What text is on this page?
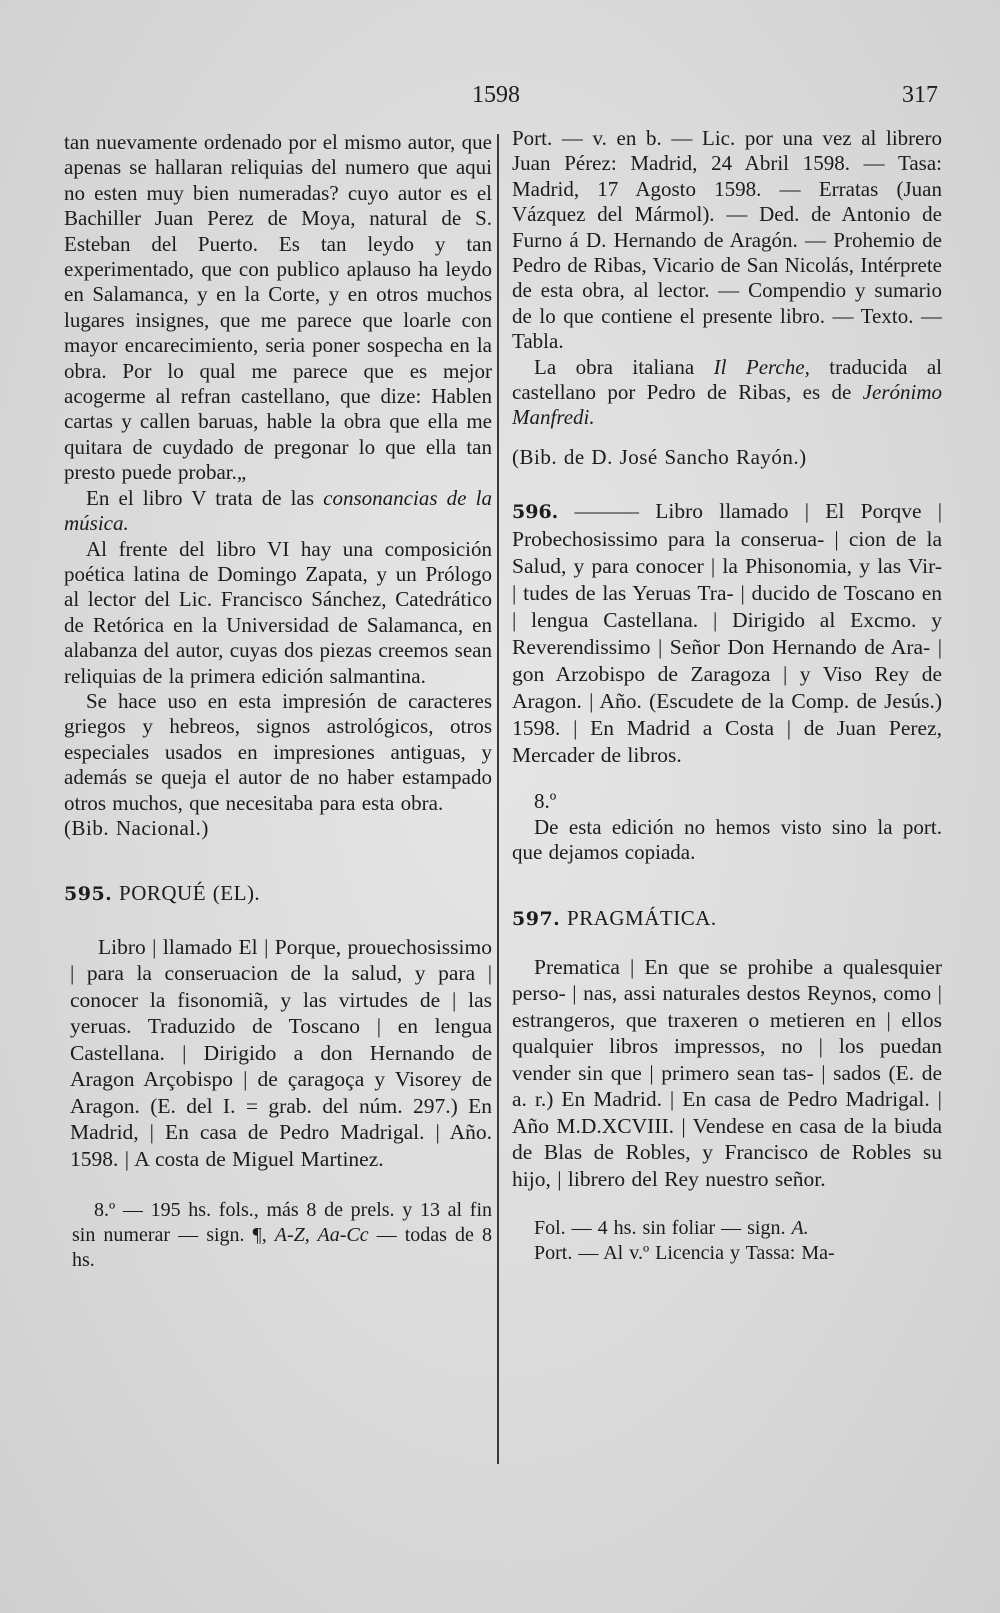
1598	317

tan nuevamente ordenado por el mismo autor, que apenas se hallaran reliquias del numero que aqui no esten muy bien numeradas? cuyo autor es el Bachiller Juan Perez de Moya, natural de S. Esteban del Puerto. Es tan leydo y tan experimentado, que con publico aplauso ha leydo en Salamanca, y en la Corte, y en otros muchos lugares insignes, que me parece que loarle con mayor encarecimiento, seria poner sospecha en la obra. Por lo qual me parece que es mejor acogerme al refran castellano, que dize: Hablen cartas y callen baruas, hable la obra que ella me quitara de cuydado de pregonar lo que ella tan presto puede probar.„

En el libro V trata de las consonancias de la música.

Al frente del libro VI hay una composición poética latina de Domingo Zapata, y un Prólogo al lector del Lic. Francisco Sánchez, Catedrático de Retórica en la Universidad de Salamanca, en alabanza del autor, cuyas dos piezas creemos sean reliquias de la primera edición salmantina.

Se hace uso en esta impresión de caracteres griegos y hebreos, signos astrológicos, otros especiales usados en impresiones antiguas, y además se queja el autor de no haber estampado otros muchos, que necesitaba para esta obra.

(Bib. Nacional.)

595. PORQUÉ (EL).

Libro | llamado El | Porque, prouechosissimo | para la conseruacion de la salud, y para | conocer la fisonomiã, y las virtudes de | las yeruas. Traduzido de Toscano | en lengua Castellana. | Dirigido a don Hernando de Aragon Arçobispo | de çaragoça y Visorey de Aragon. (E. del I. = grab. del núm. 297.) En Madrid, | En casa de Pedro Madrigal. | Año. 1598. | A costa de Miguel Martinez.

8.º — 195 hs. fols., más 8 de prels. y 13 al fin sin numerar — sign. ¶, A-Z, Aa-Cc — todas de 8 hs.

Port. — v. en b. — Lic. por una vez al librero Juan Pérez: Madrid, 24 Abril 1598. — Tasa: Madrid, 17 Agosto 1598. — Erratas (Juan Vázquez del Mármol). — Ded. de Antonio de Furno á D. Hernando de Aragón. — Prohemio de Pedro de Ribas, Vicario de San Nicolás, Intérprete de esta obra, al lector. — Compendio y sumario de lo que contiene el presente libro. — Texto. — Tabla.

La obra italiana Il Perche, traducida al castellano por Pedro de Ribas, es de Jerónimo Manfredi.

(Bib. de D. José Sancho Rayón.)

596. ——— Libro llamado | El Porqve | Probechosissimo para la conserua- | cion de la Salud, y para conocer | la Phisonomia, y las Vir- | tudes de las Yeruas Tra- | ducido de Toscano en | lengua Castellana. | Dirigido al Excmo. y Reverendissimo | Señor Don Hernando de Ara- | gon Arzobispo de Zaragoza | y Viso Rey de Aragon. | Año. (Escudete de la Comp. de Jesús.) 1598. | En Madrid a Costa | de Juan Perez, Mercader de libros.

8.º

De esta edición no hemos visto sino la port. que dejamos copiada.

597. PRAGMÁTICA.

Prematica | En que se prohibe a qualesquier perso- | nas, assi naturales destos Reynos, como | estrangeros, que traxeren o metieren en | ellos qualquier libros impressos, no | los puedan vender sin que | primero sean tas- | sados (E. de a. r.) En Madrid. | En casa de Pedro Madrigal. | Año M.D.XCVIII. | Vendese en casa de la biuda de Blas de Robles, y Francisco de Robles su hijo, | librero del Rey nuestro señor.

Fol. — 4 hs. sin foliar — sign. A.

Port. — Al v.º Licencia y Tassa: Ma-
